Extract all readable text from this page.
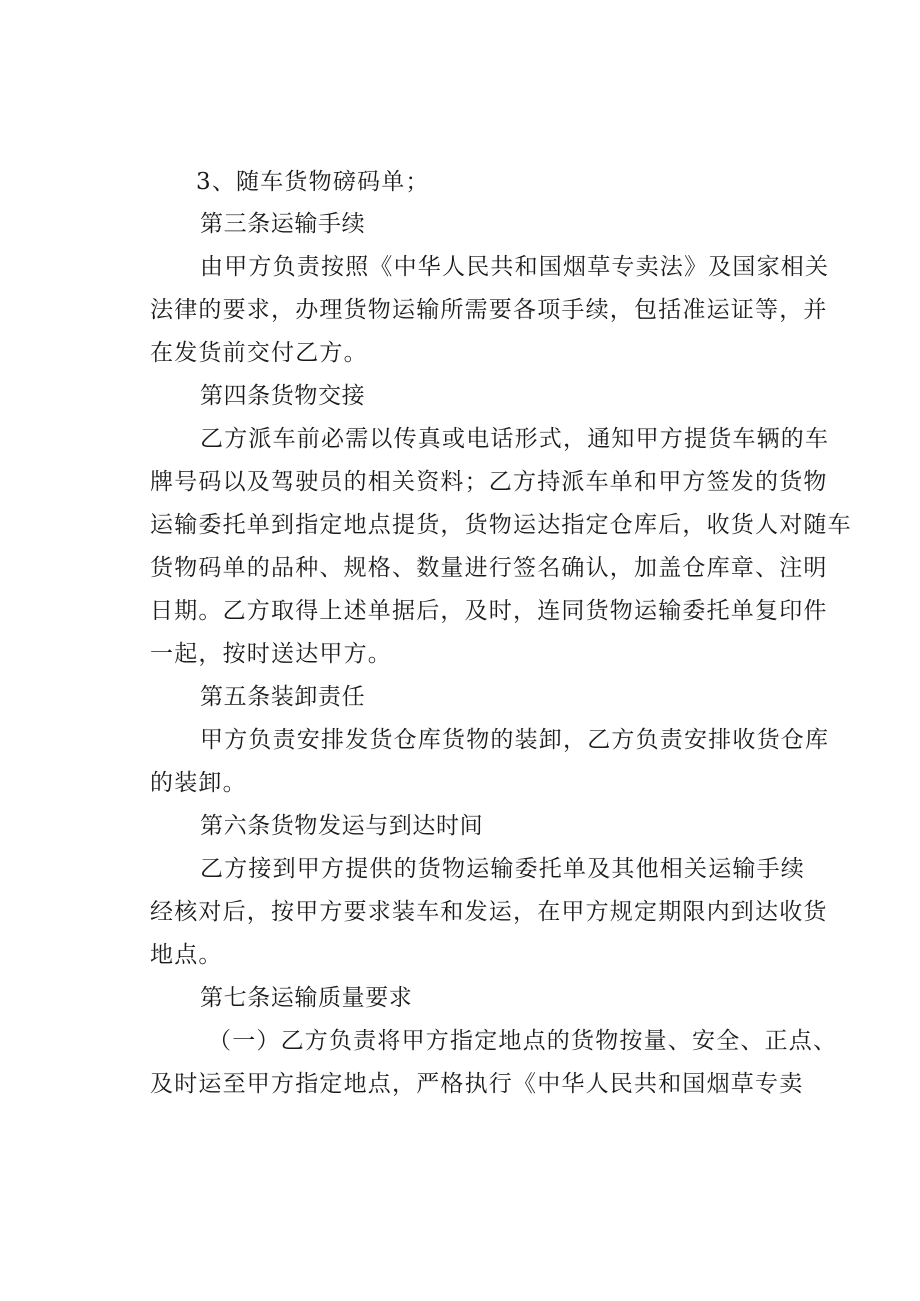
3、随车货物磅码单；

第三条运输手续

由甲方负责按照《中华人民共和国烟草专卖法》及国家相关

法律的要求，办理货物运输所需要各项手续，包括准运证等，并

在发货前交付乙方。

第四条货物交接

乙方派车前必需以传真或电话形式，通知甲方提货车辆的车

牌号码以及驾驶员的相关资料；乙方持派车单和甲方签发的货物

运输委托单到指定地点提货，货物运达指定仓库后，收货人对随车

货物码单的品种、规格、数量进行签名确认，加盖仓库章、注明

日期。乙方取得上述单据后，及时，连同货物运输委托单复印件

一起，按时送达甲方。

第五条装卸责任

甲方负责安排发货仓库货物的装卸，乙方负责安排收货仓库

的装卸。

第六条货物发运与到达时间

乙方接到甲方提供的货物运输委托单及其他相关运输手续

经核对后，按甲方要求装车和发运，在甲方规定期限内到达收货

地点。

第七条运输质量要求

（一）乙方负责将甲方指定地点的货物按量、安全、正点、

及时运至甲方指定地点，严格执行《中华人民共和国烟草专卖
